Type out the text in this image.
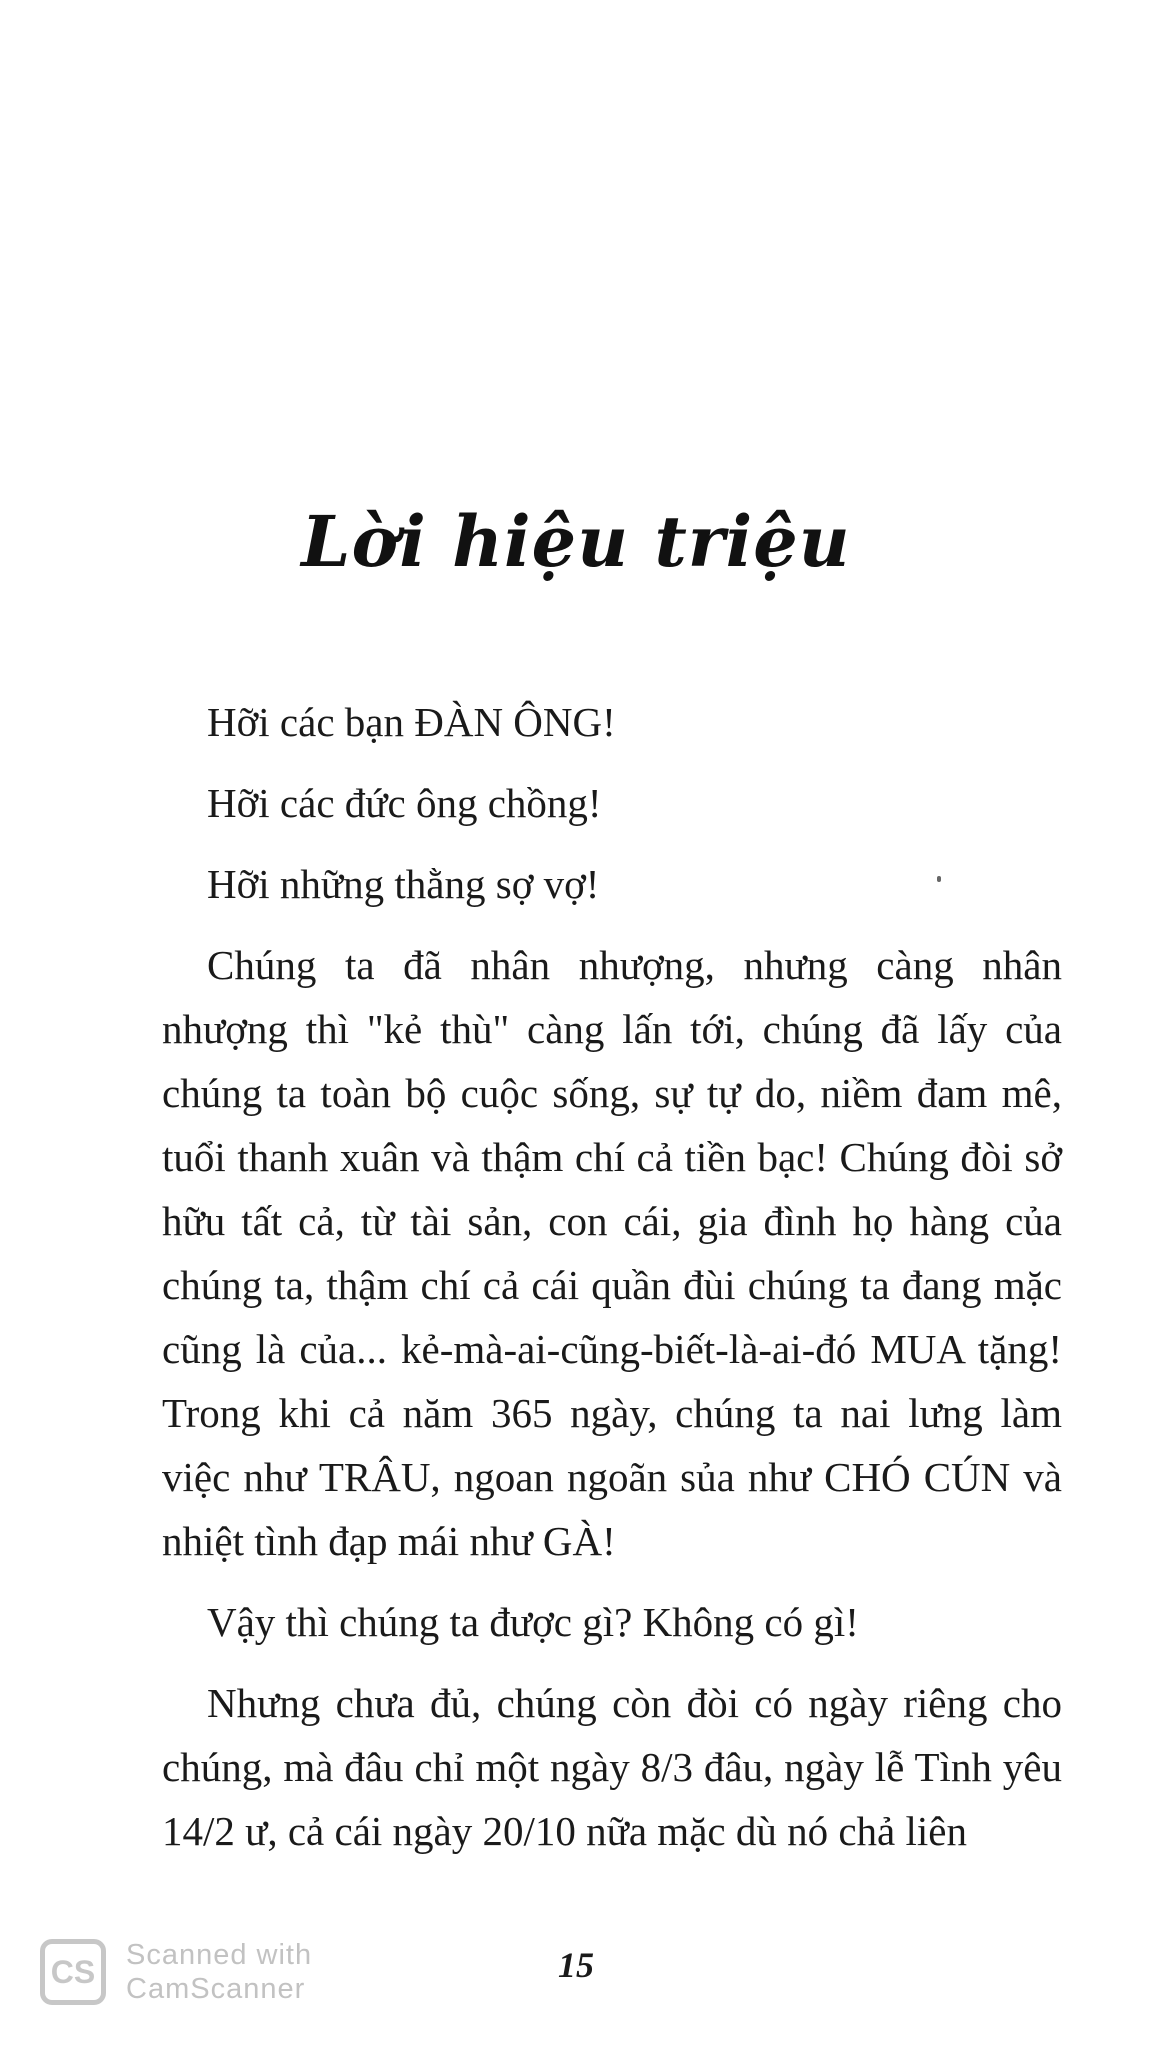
Lời hiệu triệu

Hỡi các bạn ĐÀN ÔNG!

Hỡi các đức ông chồng!

Hỡi những thằng sợ vợ!

Chúng ta đã nhân nhượng, nhưng càng nhân nhượng thì "kẻ thù" càng lấn tới, chúng đã lấy của chúng ta toàn bộ cuộc sống, sự tự do, niềm đam mê, tuổi thanh xuân và thậm chí cả tiền bạc! Chúng đòi sở hữu tất cả, từ tài sản, con cái, gia đình họ hàng của chúng ta, thậm chí cả cái quần đùi chúng ta đang mặc cũng là của... kẻ-mà-ai-cũng-biết-là-ai-đó MUA tặng! Trong khi cả năm 365 ngày, chúng ta nai lưng làm việc như TRÂU, ngoan ngoãn sủa như CHÓ CÚN và nhiệt tình đạp mái như GÀ!

Vậy thì chúng ta được gì? Không có gì!

Nhưng chưa đủ, chúng còn đòi có ngày riêng cho chúng, mà đâu chỉ một ngày 8/3 đâu, ngày lễ Tình yêu 14/2 ư, cả cái ngày 20/10 nữa mặc dù nó chả liên

15
CS	Scanned with
CamScanner
